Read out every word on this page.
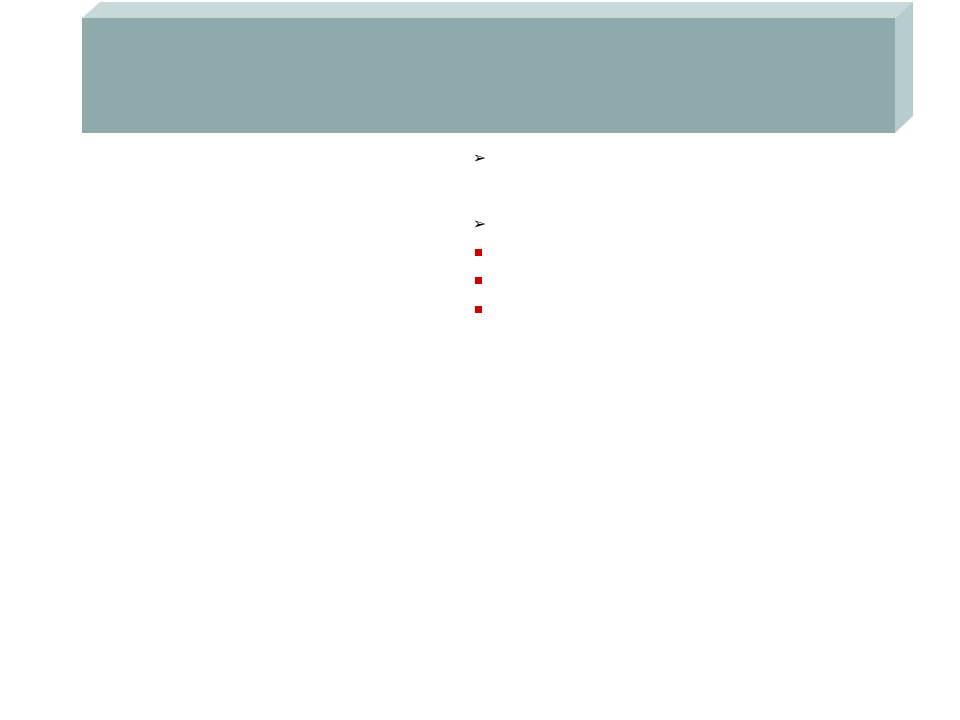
➢
➢
